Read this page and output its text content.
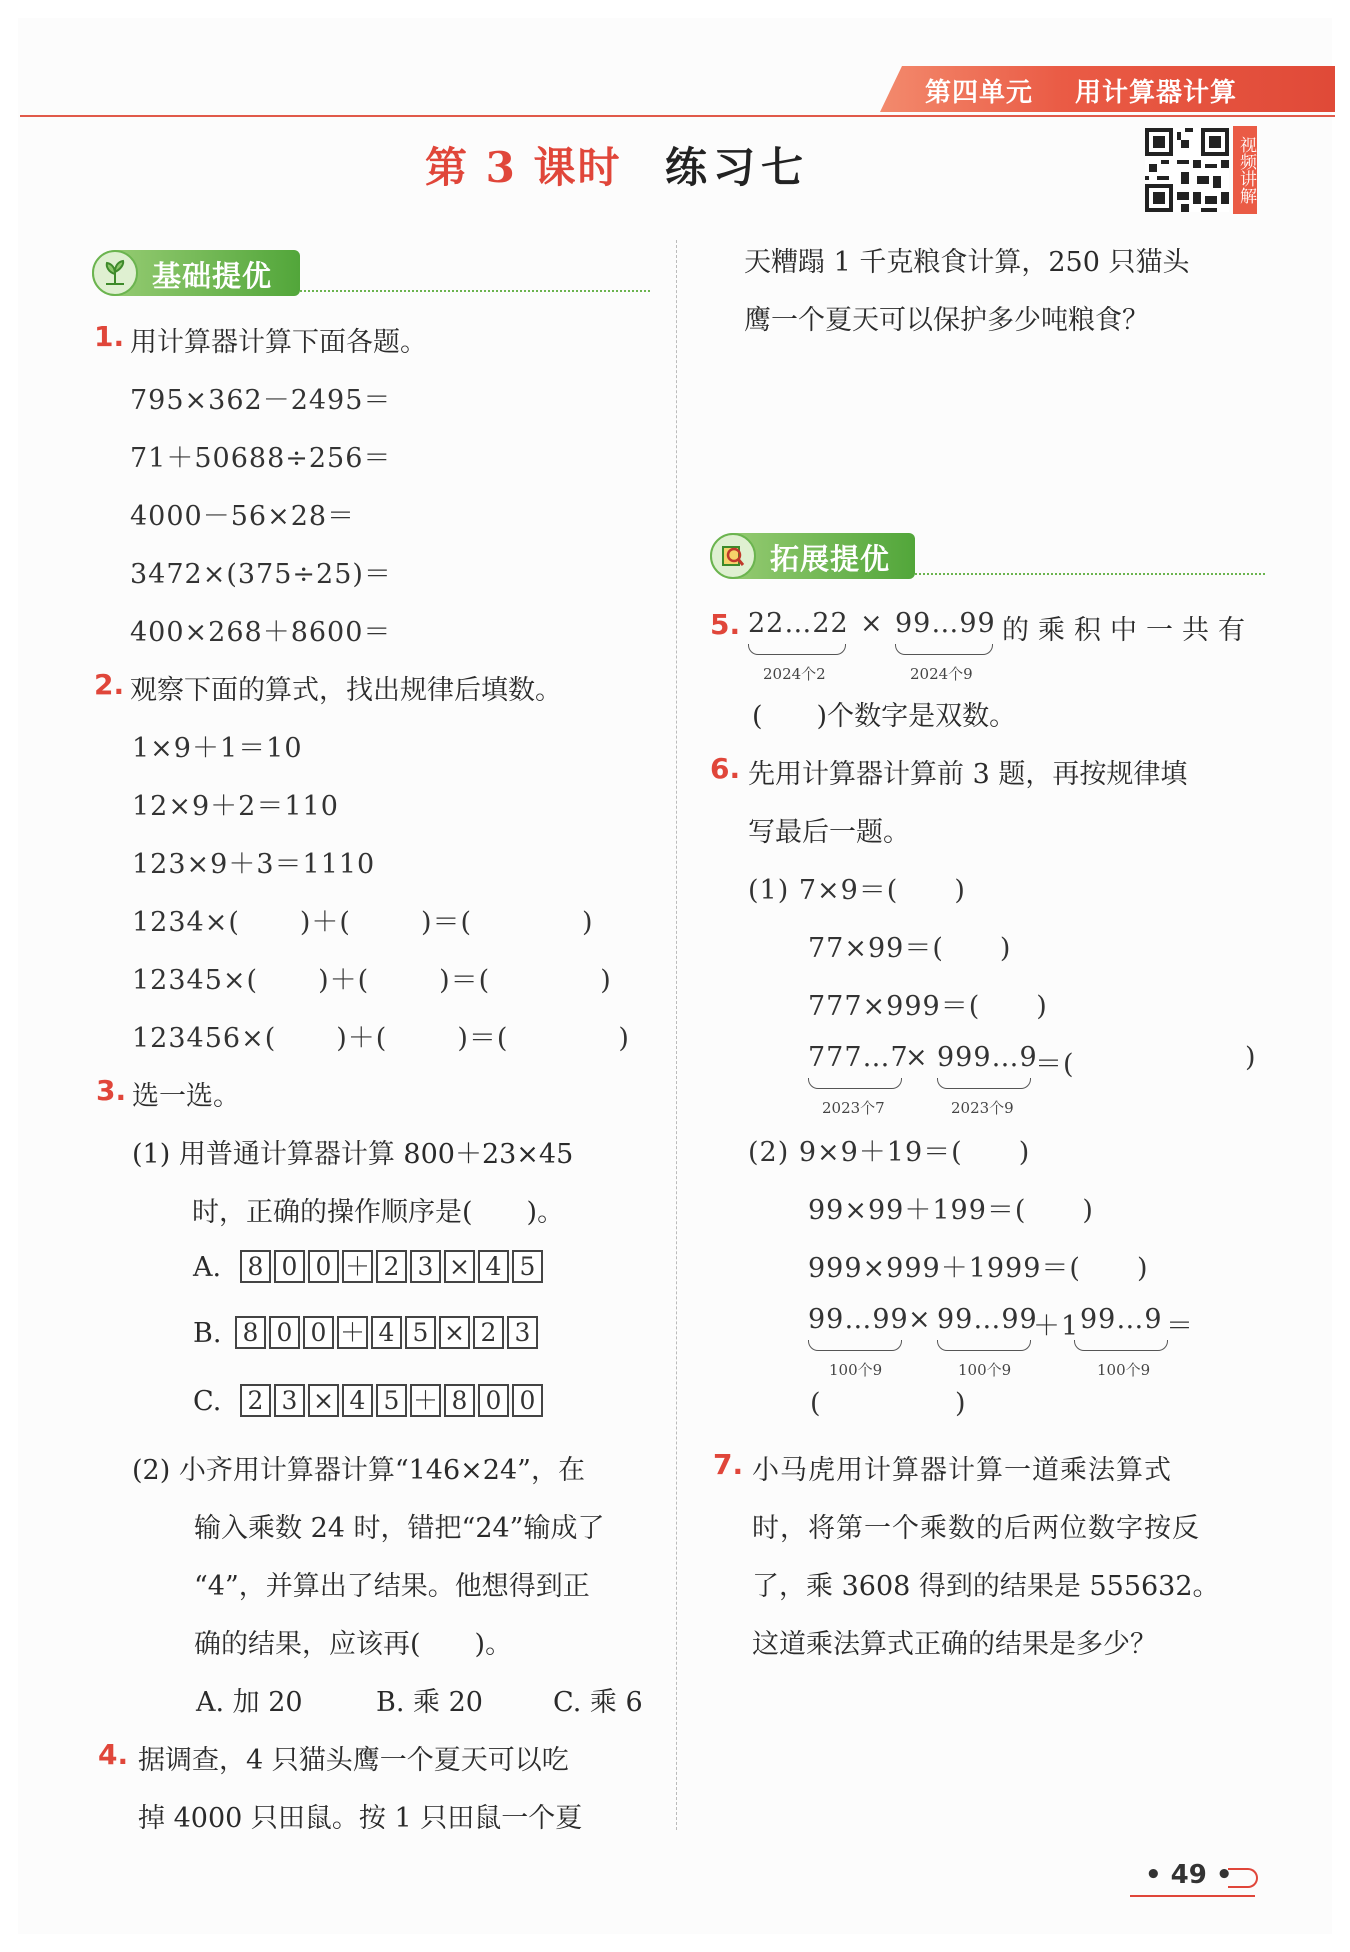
第四单元 用计算器计算
第 3 课时 练习七	视频讲解
基础提优
1. 用计算器计算下面各题。
795×362－2495＝
71＋50688÷256＝
4000－56×28＝
3472×(375÷25)＝
400×268＋8600＝
2. 观察下面的算式，找出规律后填数。
1×9＋1＝10
12×9＋2＝110
123×9＋3＝1110
1234×( )＋(	)＝(	)
12345×( )＋(	)＝(	)
123456×( )＋(	)＝(	)
3. 选一选。
(1) 用普通计算器计算 800＋23×45
时，正确的操作顺序是(　　)。
A.	8 0 0 ＋ 2 3 × 4 5
B. 8 0 0 ＋ 4 5 × 2 3
C.	2 3 × 4 5 ＋ 8 0 0
(2) 小齐用计算器计算“146×24”，在
输入乘数 24 时，错把“24”输成了
“4”，并算出了结果。他想得到正
确的结果，应该再(　　)。
A. 加 20	B. 乘 20	C. 乘 6
4. 据调查，4 只猫头鹰一个夏天可以吃
掉 4000 只田鼠。按 1 只田鼠一个夏
天糟蹋 1 千克粮食计算，250 只猫头
鹰一个夏天可以保护多少吨粮食？
拓展提优
5. 22…22
2024个2
× 99…99
2024个9
的乘积中一共有
(　　)个数字是双数。
6. 先用计算器计算前 3 题，再按规律填
写最后一题。
(1) 7×9＝(　　)
77×99＝(　　)
777×999＝(　　)
777…7
2023个7
× 999…9
2023个9
＝(	)
(2) 9×9＋19＝(　　)
99×99＋199＝(　　)
999×999＋1999＝(　　)
99…99
100个9
× 99…99
100个9
＋1 99…9
100个9
＝
(	)
7. 小马虎用计算器计算一道乘法算式
时，将第一个乘数的后两位数字按反
了，乘 3608 得到的结果是 555632。
这道乘法算式正确的结果是多少？
• 49 •
